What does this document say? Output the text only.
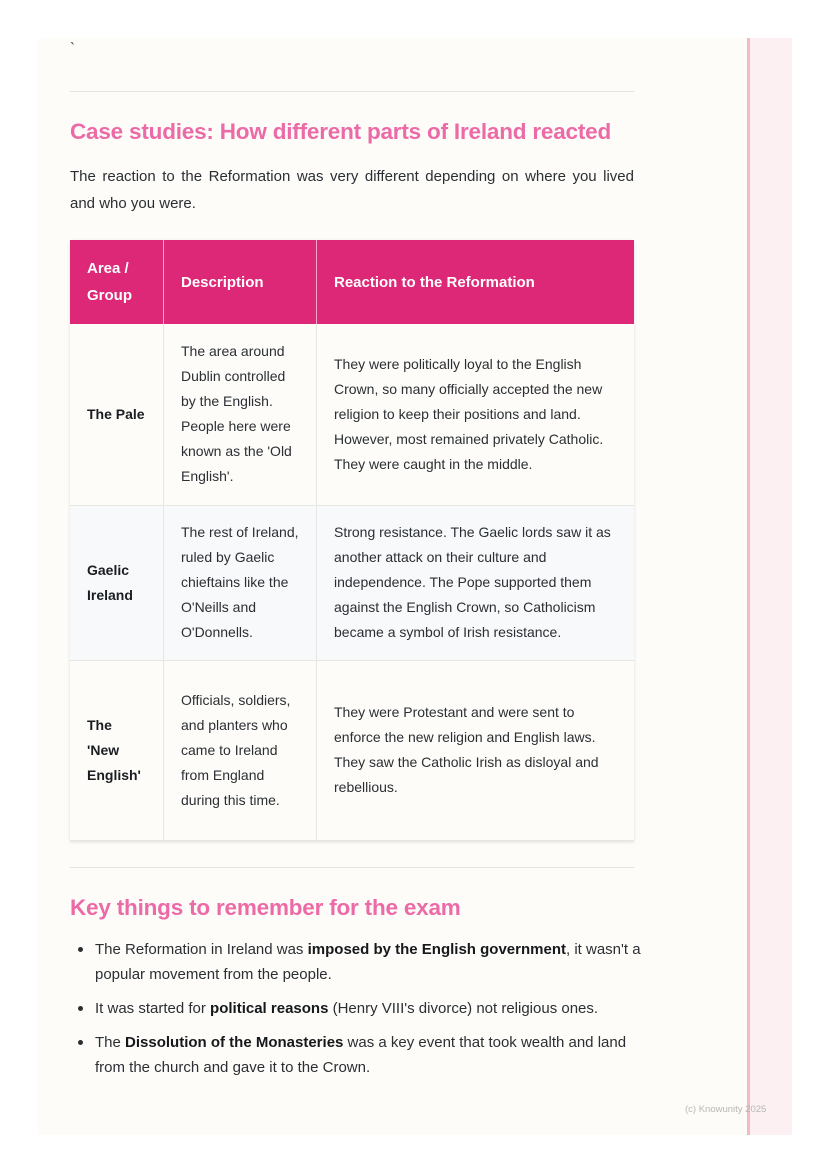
`
Case studies: How different parts of Ireland reacted

The reaction to the Reformation was very different depending on where you lived and who you were.

Area / Group	Description	Reaction to the Reformation
The Pale	The area around Dublin controlled by the English. People here were known as the 'Old English'.	They were politically loyal to the English Crown, so many officially accepted the new religion to keep their positions and land. However, most remained privately Catholic. They were caught in the middle.
Gaelic Ireland	The rest of Ireland, ruled by Gaelic chieftains like the O'Neills and O'Donnells.	Strong resistance. The Gaelic lords saw it as another attack on their culture and independence. The Pope supported them against the English Crown, so Catholicism became a symbol of Irish resistance.
The 'New English'	Officials, soldiers, and planters who came to Ireland from England during this time.	They were Protestant and were sent to enforce the new religion and English laws. They saw the Catholic Irish as disloyal and rebellious.
Key things to remember for the exam
The Reformation in Ireland was imposed by the English government, it wasn't a popular movement from the people.
It was started for political reasons (Henry VIII's divorce) not religious ones.
The Dissolution of the Monasteries was a key event that took wealth and land from the church and gave it to the Crown.
(c) Knowunity 2025
